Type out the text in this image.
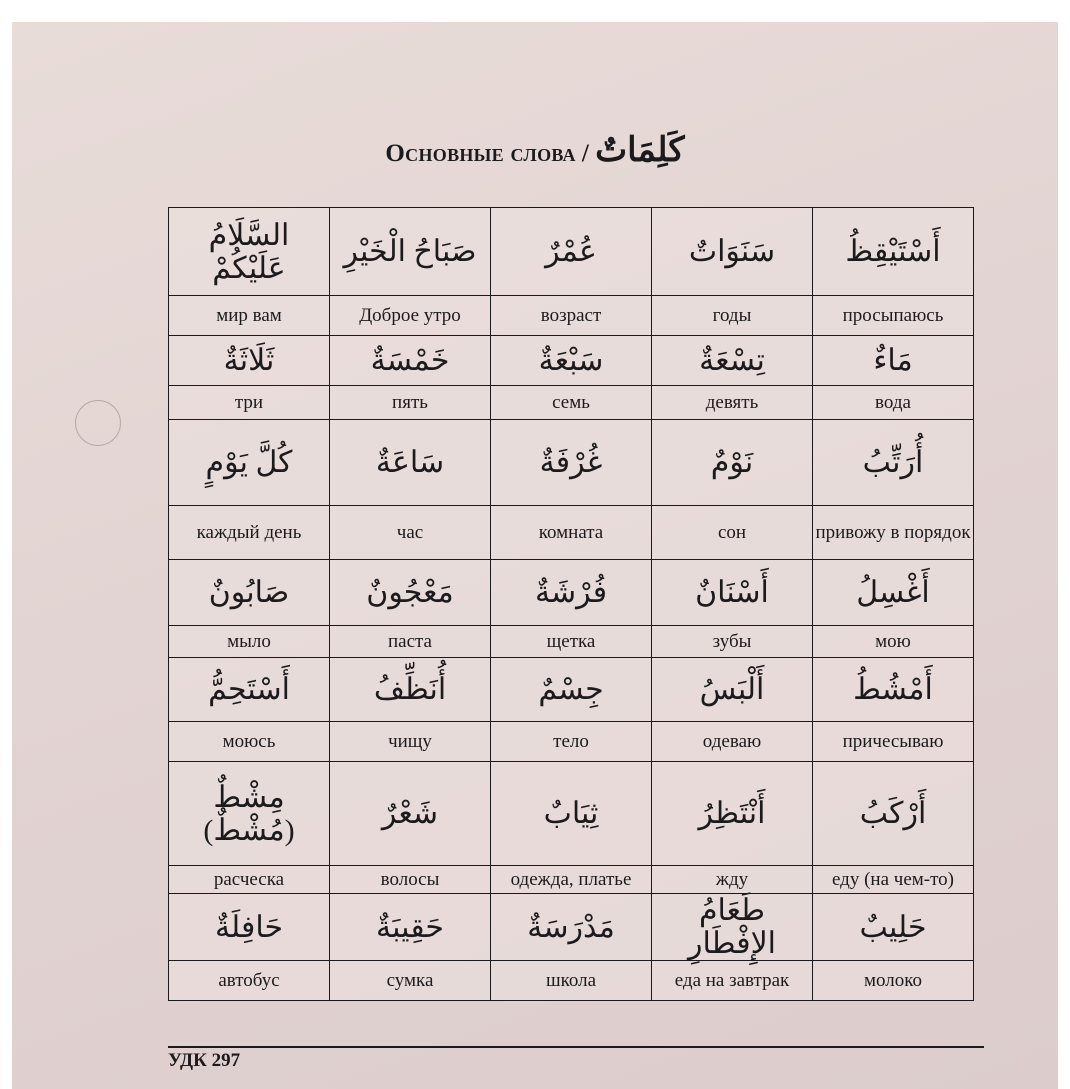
Основные слова / كَلِمَاتٌ
السَّلَامُ عَلَيْكُمْ	صَبَاحُ الْخَيْرِ	عُمْرٌ	سَنَوَاتٌ	أَسْتَيْقِظُ
мир вам	Доброе утро	возраст	годы	просыпаюсь
ثَلَاثَةٌ	خَمْسَةٌ	سَبْعَةٌ	تِسْعَةٌ	مَاءٌ
три	пять	семь	девять	вода
كُلَّ يَوْمٍ	سَاعَةٌ	غُرْفَةٌ	نَوْمٌ	أُرَتِّبُ
каждый день	час	комната	сон	привожу в порядок
صَابُونٌ	مَعْجُونٌ	فُرْشَةٌ	أَسْنَانٌ	أَغْسِلُ
мыло	паста	щетка	зубы	мою
أَسْتَحِمُّ	أُنَظِّفُ	جِسْمٌ	أَلْبَسُ	أَمْشُطُ
моюсь	чищу	тело	одеваю	причесываю
مِشْطٌ (مُشْطٌ)	شَعْرٌ	ثِيَابٌ	أَنْتَظِرُ	أَرْكَبُ
расческа	волосы	одежда, платье	жду	еду (на чем-то)
حَافِلَةٌ	حَقِيبَةٌ	مَدْرَسَةٌ	طَعَامُ الإِفْطَارِ	حَلِيبٌ
автобус	сумка	школа	еда на завтрак	молоко
УДК 297
